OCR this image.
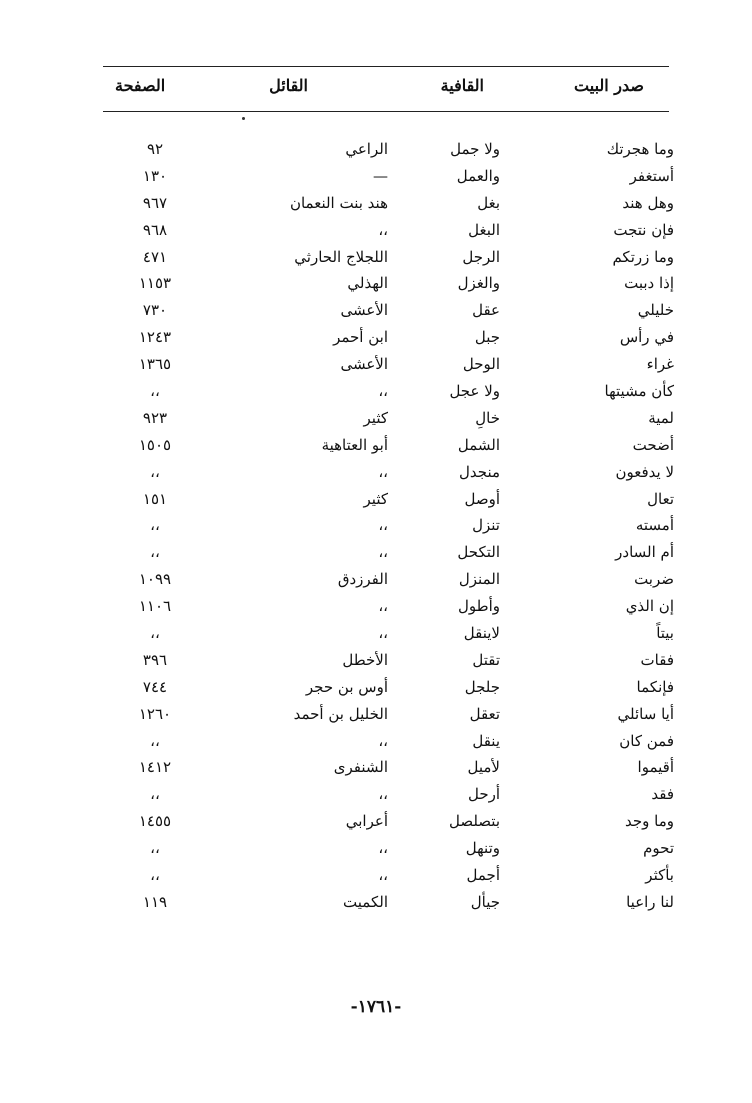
صدر البيت
القافية
القائل
الصفحة
وما هجرتك
ولا جمل
الراعي
٩٢
أستغفر
والعمل
—
١٣٠
وهل هند
بغل
هند بنت النعمان
٩٦٧
فإن نتجت
البغل
،،
٩٦٨
وما زرتكم
الرجل
اللجلاج الحارثي
٤٧١
إذا دببت
والغزل
الهذلي
١١٥٣
خليلي
عقل
الأعشى
٧٣٠
في رأس
جبل
ابن أحمر
١٢٤٣
غراء
الوحل
الأعشى
١٣٦٥
كأن مشيتها
ولا عجل
،،
،،
لمية
خالِ
كثير
٩٢٣
أضحت
الشمل
أبو العتاهية
١٥٠٥
لا يدفعون
منجدل
،،
،،
تعال
أوصل
كثير
١٥١
أمسته
تنزل
،،
،،
أم السادر
التكحل
،،
،،
ضربت
المنزل
الفرزدق
١٠٩٩
إن الذي
وأطول
،،
١١٠٦
بيتاً
لاينقل
،،
،،
فقات
تقتل
الأخطل
٣٩٦
فإنكما
جلجل
أوس بن حجر
٧٤٤
أيا سائلي
تعقل
الخليل بن أحمد
١٢٦٠
فمن كان
ينقل
،،
،،
أقيموا
لأميل
الشنفرى
١٤١٢
فقد
أرحل
،،
،،
وما وجد
بتصلصل
أعرابي
١٤٥٥
تحوم
وتنهل
،،
،،
بأكثر
أجمل
،،
،،
لنا راعيا
جيأل
الكميت
١١٩
-١٧٦١-
